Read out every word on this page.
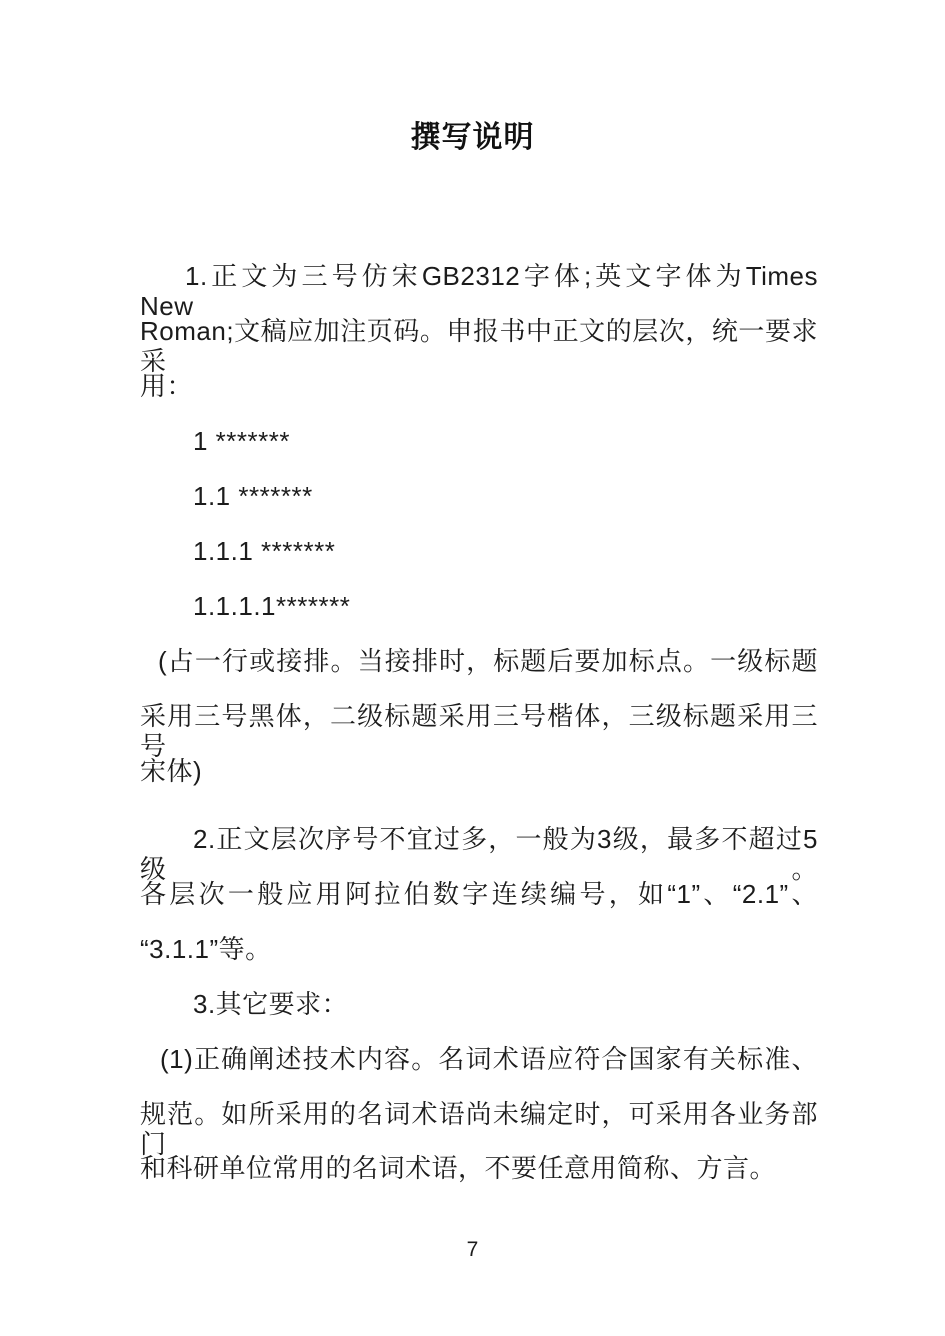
撰写说明
1.正文为三号仿宋GB2312字体;英文字体为Times New
Roman;文稿应加注页码。申报书中正文的层次，统一要求采
用：
1 *******
1.1 *******
1.1.1 *******
1.1.1.1*******
(占一行或接排。当接排时，标题后要加标点。一级标题
采用三号黑体，二级标题采用三号楷体，三级标题采用三号
宋体)
2.正文层次序号不宜过多，一般为3级，最多不超过5级。
各层次一般应用阿拉伯数字连续编号，如“1”、“2.1”、
“3.1.1”等。
3.其它要求：
(1)正确阐述技术内容。名词术语应符合国家有关标准、
规范。如所采用的名词术语尚未编定时，可采用各业务部门
和科研单位常用的名词术语，不要任意用简称、方言。
7
